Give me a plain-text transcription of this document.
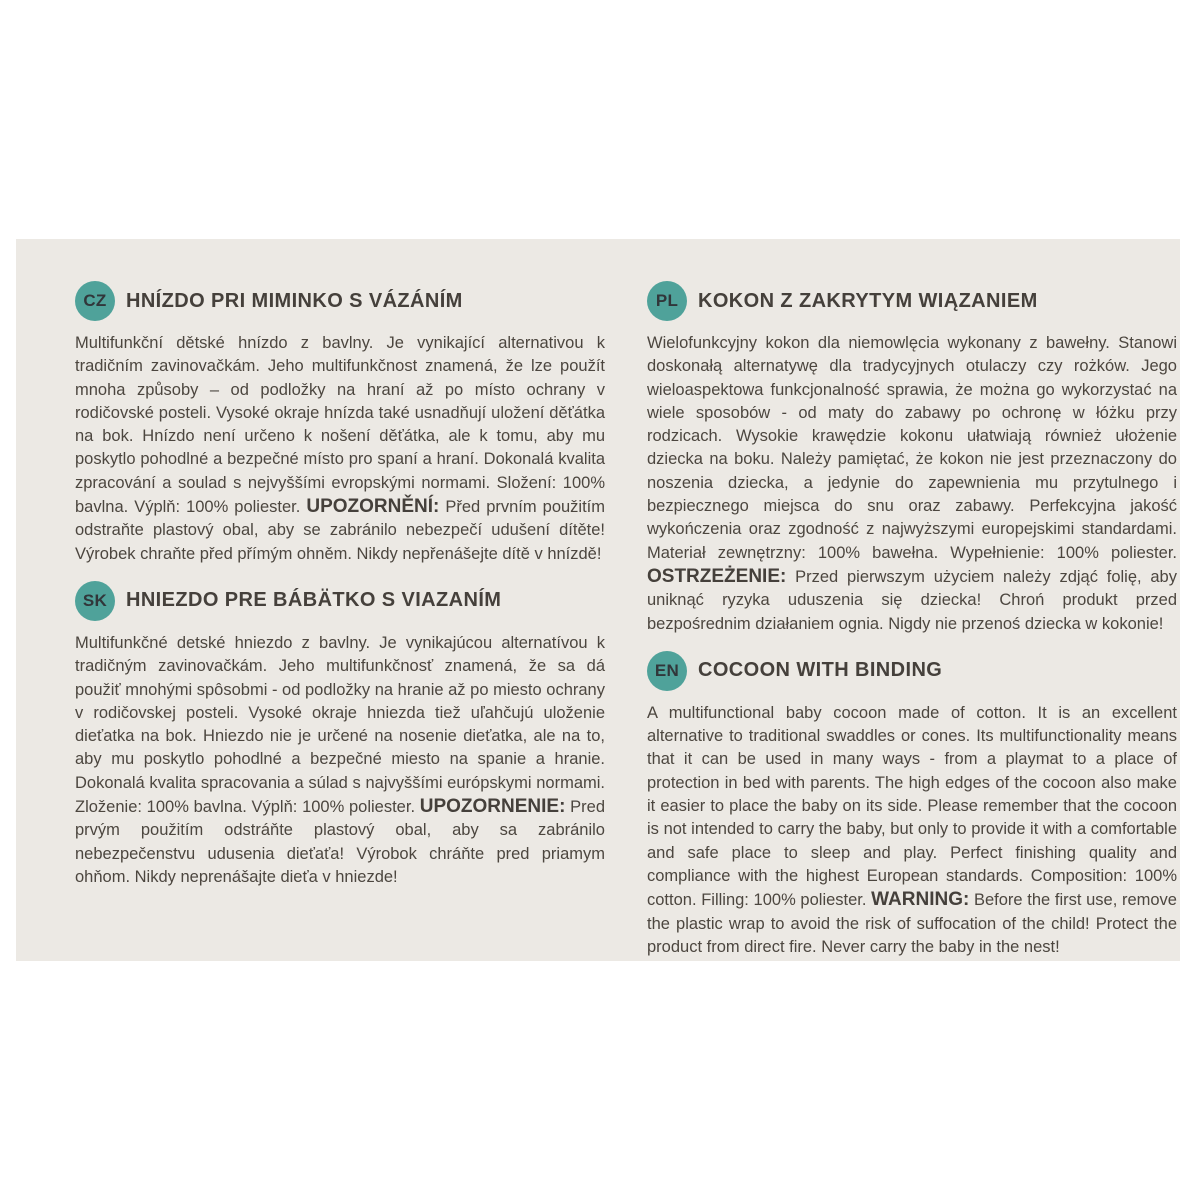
CZ HNÍZDO PRI MIMINKO S VÁZÁNÍM

Multifunkční dětské hnízdo z bavlny. Je vynikající alternativou k tradičním zavinovačkám. Jeho multifunkčnost znamená, že lze použít mnoha způsoby – od podložky na hraní až po místo ochrany v rodičovské posteli. Vysoké okraje hnízda také usnadňují uložení děťátka na bok. Hnízdo není určeno k nošení děťátka, ale k tomu, aby mu poskytlo pohodlné a bezpečné místo pro spaní a hraní. Dokonalá kvalita zpracování a soulad s nejvyššími evropskými normami. Složení: 100% bavlna. Výplň: 100% poliester. UPOZORNĚNÍ: Před prvním použitím odstraňte plastový obal, aby se zabránilo nebezpečí udušení dítěte! Výrobek chraňte před přímým ohněm. Nikdy nepřenášejte dítě v hnízdě!

SK HNIEZDO PRE BÁBÄTKO S VIAZANÍM

Multifunkčné detské hniezdo z bavlny. Je vynikajúcou alternatívou k tradičným zavinovačkám. Jeho multifunkčnosť znamená, že sa dá použiť mnohými spôsobmi - od podložky na hranie až po miesto ochrany v rodičovskej posteli. Vysoké okraje hniezda tiež uľahčujú uloženie dieťatka na bok. Hniezdo nie je určené na nosenie dieťatka, ale na to, aby mu poskytlo pohodlné a bezpečné miesto na spanie a hranie. Dokonalá kvalita spracovania a súlad s najvyššími európskymi normami. Zloženie: 100% bavlna. Výplň: 100% poliester. UPOZORNENIE: Pred prvým použitím odstráňte plastový obal, aby sa zabránilo nebezpečenstvu udusenia dieťaťa! Výrobok chráňte pred priamym ohňom. Nikdy neprenášajte dieťa v hniezde!

PL KOKON Z ZAKRYTYM WIĄZANIEM

Wielofunkcyjny kokon dla niemowlęcia wykonany z bawełny. Stanowi doskonałą alternatywę dla tradycyjnych otulaczy czy rożków. Jego wieloaspektowa funkcjonalność sprawia, że można go wykorzystać na wiele sposobów - od maty do zabawy po ochronę w łóżku przy rodzicach. Wysokie krawędzie kokonu ułatwiają również ułożenie dziecka na boku. Należy pamiętać, że kokon nie jest przeznaczony do noszenia dziecka, a jedynie do zapewnienia mu przytulnego i bezpiecznego miejsca do snu oraz zabawy. Perfekcyjna jakość wykończenia oraz zgodność z najwyższymi europejskimi standardami. Materiał zewnętrzny: 100% bawełna. Wypełnienie: 100% poliester. OSTRZEŻENIE: Przed pierwszym użyciem należy zdjąć folię, aby uniknąć ryzyka uduszenia się dziecka! Chroń produkt przed bezpośrednim działaniem ognia. Nigdy nie przenoś dziecka w kokonie!

EN COCOON WITH BINDING

A multifunctional baby cocoon made of cotton. It is an excellent alternative to traditional swaddles or cones. Its multifunctionality means that it can be used in many ways - from a playmat to a place of protection in bed with parents. The high edges of the cocoon also make it easier to place the baby on its side. Please remember that the cocoon is not intended to carry the baby, but only to provide it with a comfortable and safe place to sleep and play. Perfect finishing quality and compliance with the highest European standards. Composition: 100% cotton. Filling: 100% poliester. WARNING: Before the first use, remove the plastic wrap to avoid the risk of suffocation of the child! Protect the product from direct fire. Never carry the baby in the nest!
